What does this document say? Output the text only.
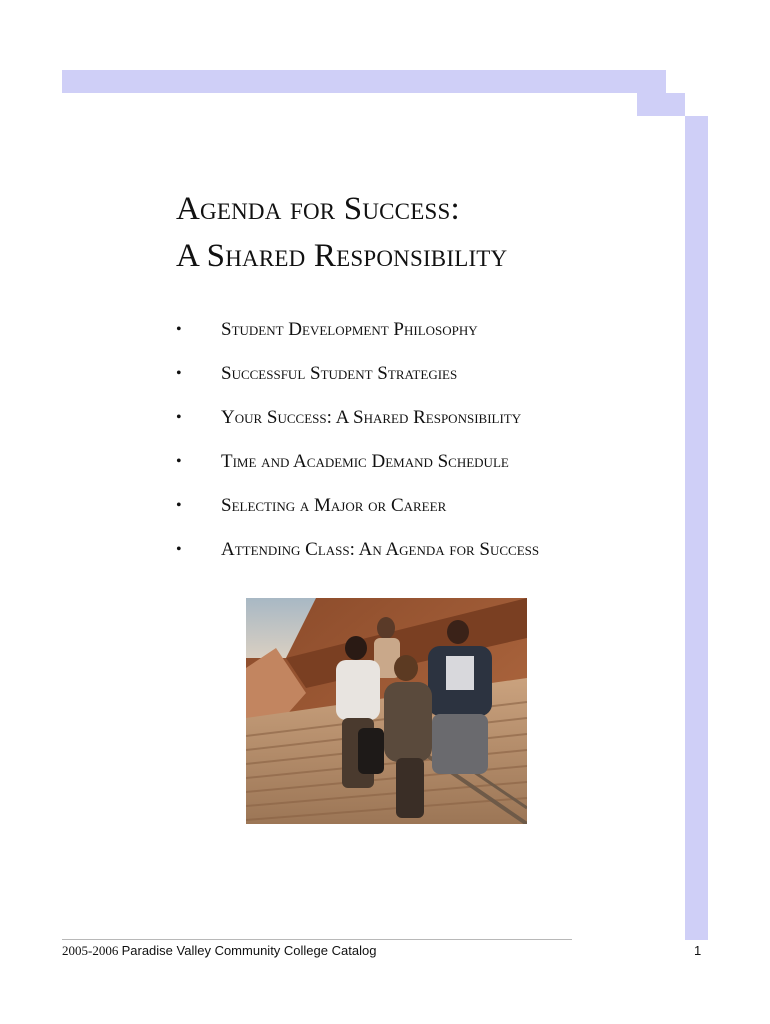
Agenda for Success:
A Shared Responsibility
• Student Development Philosophy
• Successful Student Strategies
• Your Success: A Shared Responsibility
• Time and Academic Demand Schedule
• Selecting a Major or Career
• Attending Class: An Agenda for Success
2005-2006 Paradise Valley Community College Catalog	1
